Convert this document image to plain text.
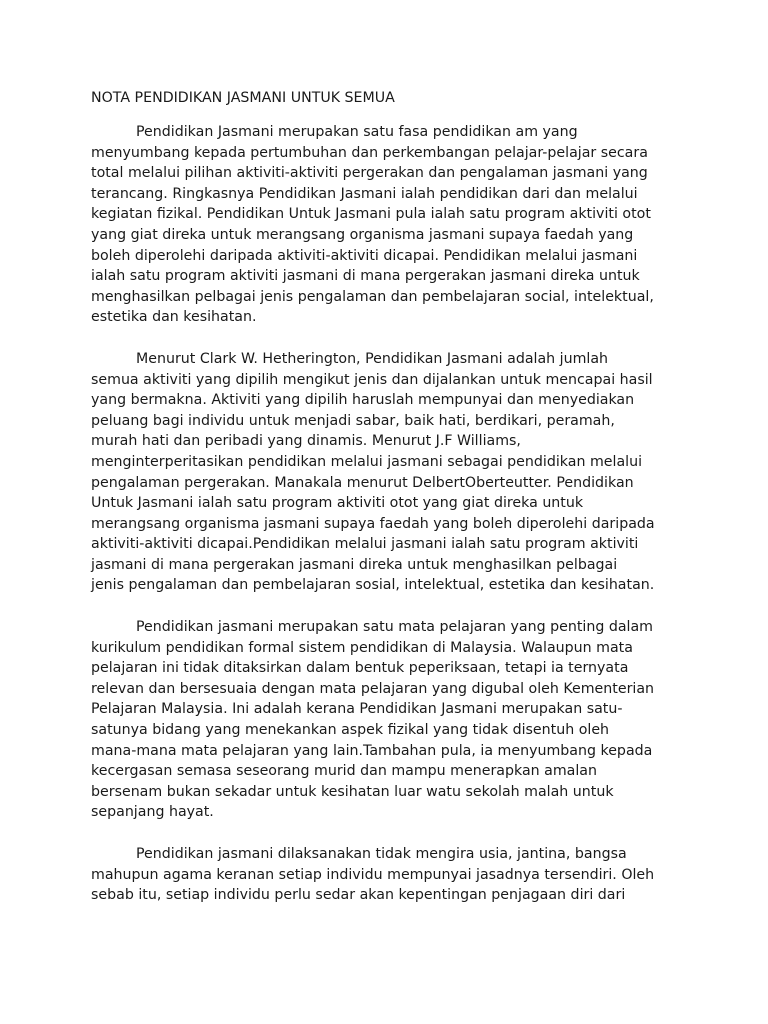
NOTA PENDIDIKAN JASMANI UNTUK SEMUA
Pendidikan Jasmani merupakan satu fasa pendidikan am yang
menyumbang kepada pertumbuhan dan perkembangan pelajar-pelajar secara
total melalui pilihan aktiviti-aktiviti pergerakan dan pengalaman jasmani yang
terancang. Ringkasnya Pendidikan Jasmani ialah pendidikan dari dan melalui
kegiatan fizikal. Pendidikan Untuk Jasmani pula ialah satu program aktiviti otot
yang giat direka untuk merangsang organisma jasmani supaya faedah yang
boleh diperolehi daripada aktiviti-aktiviti dicapai. Pendidikan melalui jasmani
ialah satu program aktiviti jasmani di mana pergerakan jasmani direka untuk
menghasilkan pelbagai jenis pengalaman dan pembelajaran social, intelektual,
estetika dan kesihatan.
Menurut Clark W. Hetherington, Pendidikan Jasmani adalah jumlah
semua aktiviti yang dipilih mengikut jenis dan dijalankan untuk mencapai hasil
yang bermakna. Aktiviti yang dipilih haruslah mempunyai dan menyediakan
peluang bagi individu untuk menjadi sabar, baik hati, berdikari, peramah,
murah hati dan peribadi yang dinamis. Menurut J.F Williams,
menginterperitasikan pendidikan melalui jasmani sebagai pendidikan melalui
pengalaman pergerakan. Manakala menurut DelbertOberteutter. Pendidikan
Untuk Jasmani ialah satu program aktiviti otot yang giat direka untuk
merangsang organisma jasmani supaya faedah yang boleh diperolehi daripada
aktiviti-aktiviti dicapai.Pendidikan melalui jasmani ialah satu program aktiviti
jasmani di mana pergerakan jasmani direka untuk menghasilkan pelbagai
jenis pengalaman dan pembelajaran sosial, intelektual, estetika dan kesihatan.
Pendidikan jasmani merupakan satu mata pelajaran yang penting dalam
kurikulum pendidikan formal sistem pendidikan di Malaysia. Walaupun mata
pelajaran ini tidak ditaksirkan dalam bentuk peperiksaan, tetapi ia ternyata
relevan dan bersesuaia dengan mata pelajaran yang digubal oleh Kementerian
Pelajaran Malaysia. Ini adalah kerana Pendidikan Jasmani merupakan satu-
satunya bidang yang menekankan aspek fizikal yang tidak disentuh oleh
mana-mana mata pelajaran yang lain.Tambahan pula, ia menyumbang kepada
kecergasan semasa seseorang murid dan mampu menerapkan amalan
bersenam bukan sekadar untuk kesihatan luar watu sekolah malah untuk
sepanjang hayat.
Pendidikan jasmani dilaksanakan tidak mengira usia, jantina, bangsa
mahupun agama keranan setiap individu mempunyai jasadnya tersendiri. Oleh
sebab itu, setiap individu perlu sedar akan kepentingan penjagaan diri dari
